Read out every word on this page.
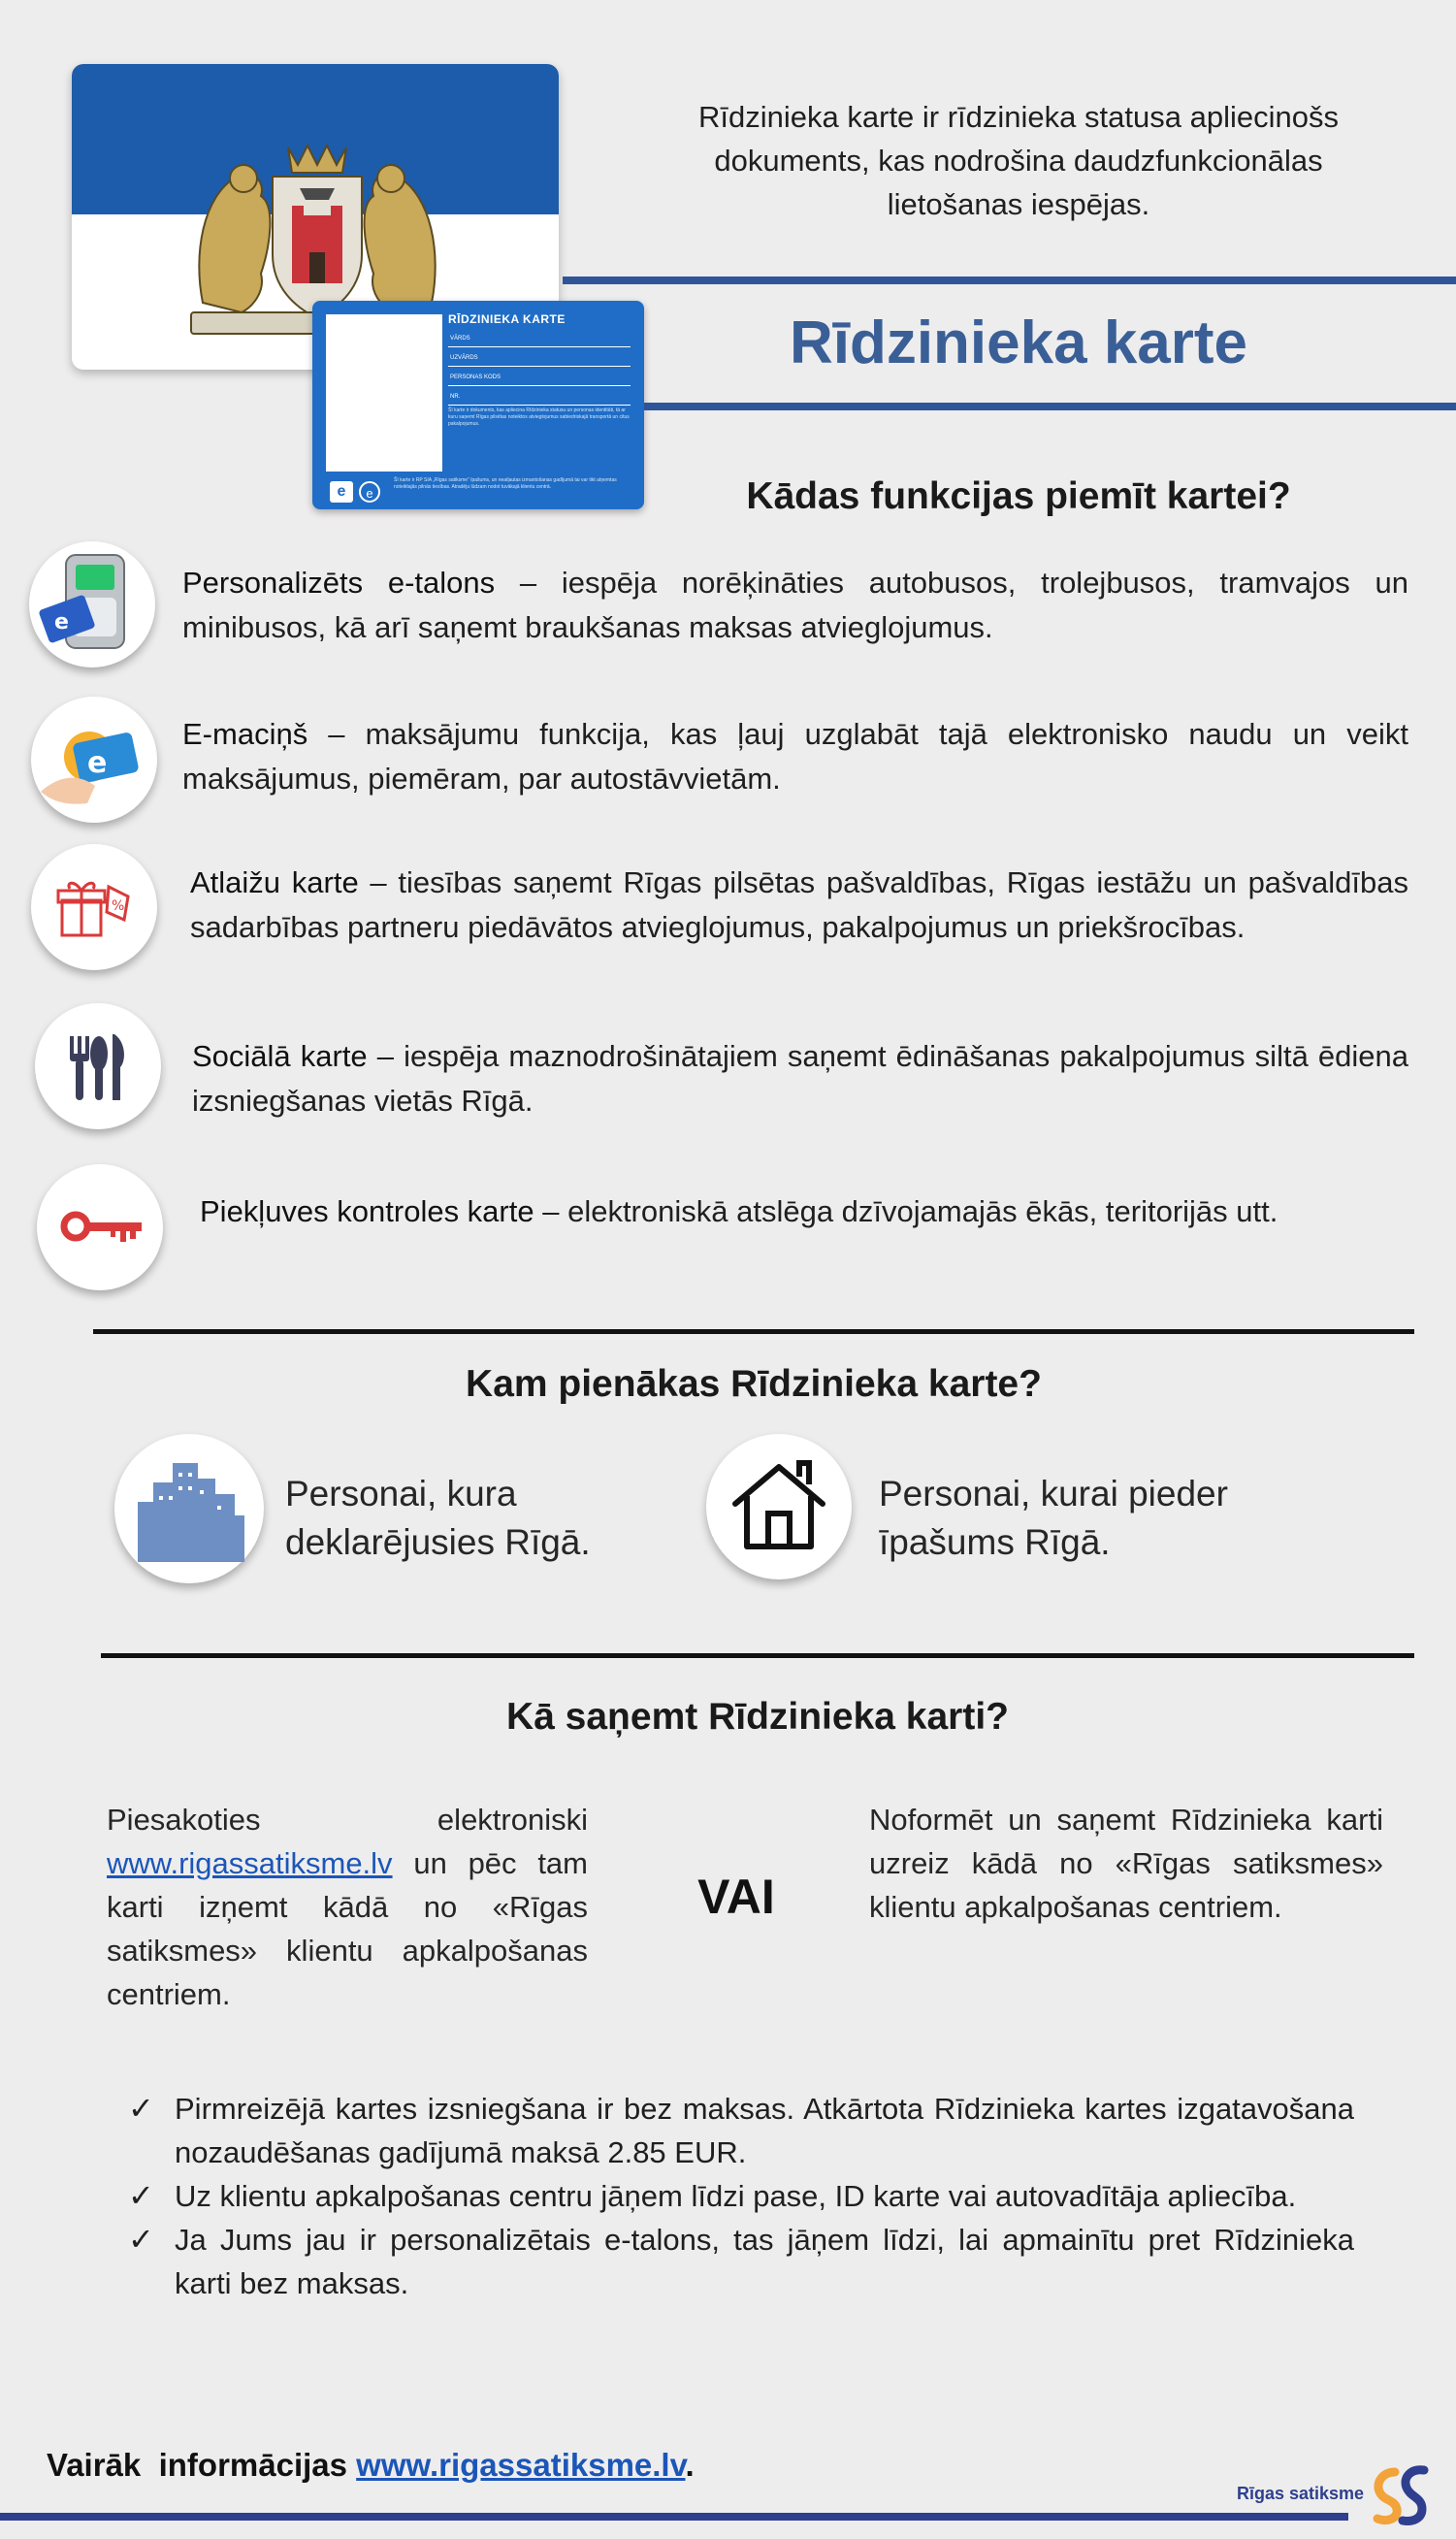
RĪDZINIEKA KARTE
VĀRDS
UZVĀRDS
PERSONAS KODS
NR.
Šī karte ir dokuments, kas apliecina Rīdzinieka statusu un personas identitāti, tā ar kuru saņemt Rīgas pilsētas noteiktos atvieglojumus sabiedriskajā transportā un citus pakalpojumus.
e	e
Šī karte ir RP SIA „Rīgas satiksme” īpašums, un neatļautas izmantošanas gadījumā tai var tikt atņemtas noteiktajās pilnās tiesības. Atradēju lūdzam nodot tuvākajā klientu centrā.
Rīdzinieka karte ir rīdzinieka statusa apliecinošs dokuments, kas nodrošina daudzfunkcionālas lietošanas iespējas.
Rīdzinieka karte
Kādas funkcijas piemīt kartei?
e
Personalizēts e-talons – iespēja norēķināties autobusos, trolejbusos, tramvajos un minibusos, kā arī saņemt braukšanas maksas atvieglojumus.
e
E-maciņš – maksājumu funkcija, kas ļauj uzglabāt tajā elektronisko naudu un veikt maksājumus, piemēram, par autostāvvietām.
%
Atlaižu karte – tiesības saņemt Rīgas pilsētas pašvaldības, Rīgas iestāžu un pašvaldības sadarbības partneru piedāvātos atvieglojumus, pakalpojumus un priekšrocības.
Sociālā karte – iespēja maznodrošinātajiem saņemt ēdināšanas pakalpojumus siltā ēdiena izsniegšanas vietās Rīgā.
Piekļuves kontroles karte – elektroniskā atslēga dzīvojamajās ēkās, teritorijās utt.
Kam pienākas Rīdzinieka karte?
Personai, kura
deklarējusies Rīgā.
Personai, kurai pieder
īpašums Rīgā.
Kā saņemt Rīdzinieka karti?
Piesakoties elektroniski www.rigassatiksme.lv un pēc tam karti izņemt kādā no «Rīgas satiksmes» klientu apkalpošanas centriem.
VAI
Noformēt un saņemt Rīdzinieka karti uzreiz kādā no «Rīgas satiksmes» klientu apkalpošanas centriem.
✓ Pirmreizējā kartes izsniegšana ir bez maksas. Atkārtota Rīdzinieka kartes izgatavošana nozaudēšanas gadījumā maksā 2.85 EUR.
✓ Uz klientu apkalpošanas centru jāņem līdzi pase, ID karte vai autovadītāja apliecība.
✓ Ja Jums jau ir personalizētais e-talons, tas jāņem līdzi, lai apmainītu pret Rīdzinieka karti bez maksas.
Vairāk  informācijas www.rigassatiksme.lv.
Rīgas satiksme
